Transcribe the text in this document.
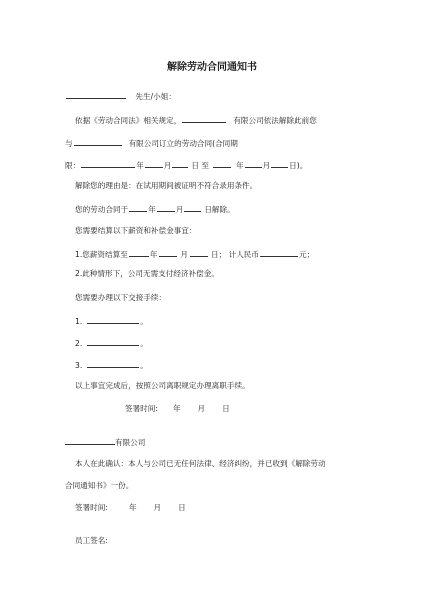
解除劳动合同通知书
先生/小姐：
依据《劳动合同法》相关规定，	有限公司依法解除此前您
与	有限公司订立的劳动合同(合同期
限：	年	月	日 至	年	月	日)。
解除您的理由是：在试用期间被证明不符合录用条件。
您的劳动合同于	年	月	日解除。
您需要结算以下薪资和补偿金事宜：
1.您薪资结算至	年	月	日； 计人民币	元；
2.此种情形下，公司无需支付经济补偿金。
您需要办理以下交接手续：
1.	。
2.	。
3.	。
以上事宜完成后，按照公司离职规定办理离职手续。
签署时间: 年 月 日
有限公司
本人在此确认：本人与公司已无任何法律、经济纠纷，并已收到《解除劳动
合同通知书》一份。
签署时间:	年 月 日
员工签名:
